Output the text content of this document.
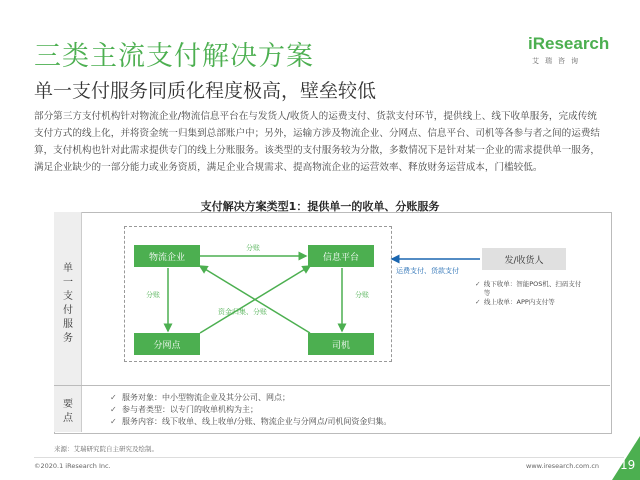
三类主流支付解决方案	iResearch
艾瑞咨询
单一支付服务同质化程度极高，壁垒较低
部分第三方支付机构针对物流企业/物流信息平台在与发货人/收货人的运费支付、货款支付环节，提供线上、线下收单服务，完成传统支付方式的线上化，并将资金统一归集到总部账户中；另外，运输方涉及物流企业、分网点、信息平台、司机等各参与者之间的运费结算，支付机构也针对此需求提供专门的线上分账服务。该类型的支付服务较为分散，多数情况下是针对某一企业的需求提供单一服务，满足企业缺少的一部分能力或业务资质，满足企业合规需求、提高物流企业的运营效率、释放财务运营成本，门槛较低。
支付解决方案类型1：提供单一的收单、分账服务
单一支付服务
要点
物流企业	信息平台
分网点	司机
发/收货人
分账
分账	分账
资金归集、分账
运费支付、货款支付
✓ 线下收单：智能POS机、扫码支付等
✓ 线上收单：APP内支付等
✓ 服务对象：中小型物流企业及其分公司、网点；
✓ 参与者类型：以专门的收单机构为主；
✓ 服务内容：线下收单、线上收单/分账、物流企业与分网点/司机间资金归集。
来源：艾瑞研究院自主研究及绘制。
©2020.1 iResearch Inc.	www.iresearch.com.cn 19
